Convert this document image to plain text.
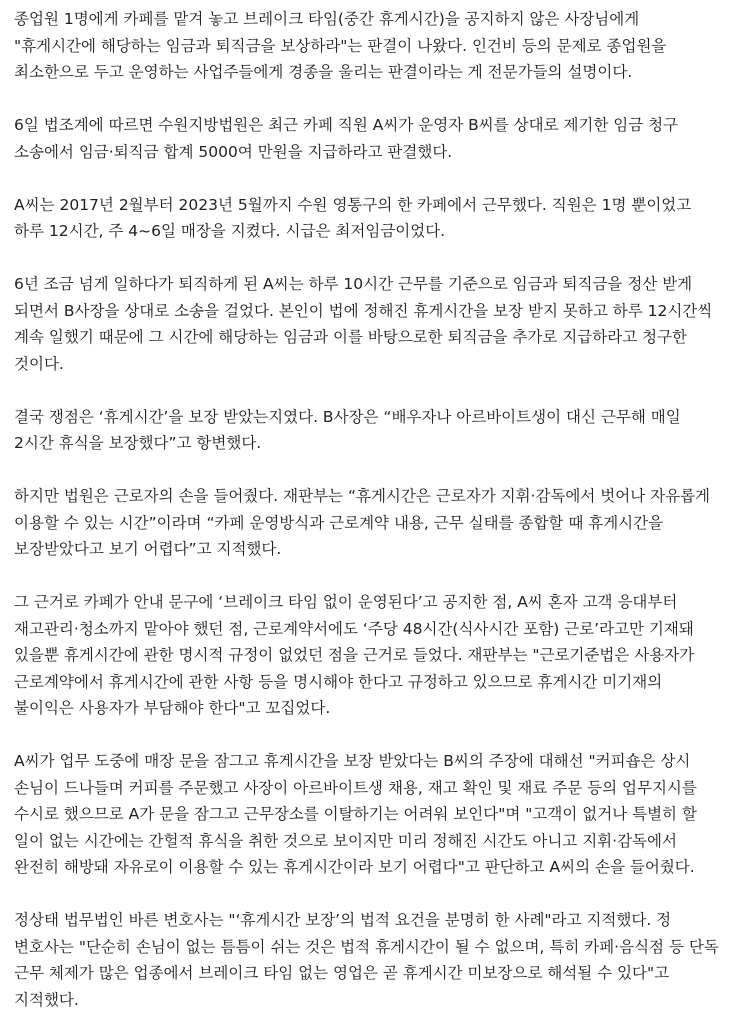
종업원 1명에게 카페를 맡겨 놓고 브레이크 타임(중간 휴게시간)을 공지하지 않은 사장님에게 "휴게시간에 해당하는 임금과 퇴직금을 보상하라"는 판결이 나왔다. 인건비 등의 문제로 종업원을 최소한으로 두고 운영하는 사업주들에게 경종을 울리는 판결이라는 게 전문가들의 설명이다.

6일 법조계에 따르면 수원지방법원은 최근 카페 직원 A씨가 운영자 B씨를 상대로 제기한 임금 청구 소송에서 임금·퇴직금 합계 5000여 만원을 지급하라고 판결했다.

A씨는 2017년 2월부터 2023년 5월까지 수원 영통구의 한 카페에서 근무했다. 직원은 1명 뿐이었고 하루 12시간, 주 4~6일 매장을 지켰다. 시급은 최저임금이었다.

6년 조금 넘게 일하다가 퇴직하게 된 A씨는 하루 10시간 근무를 기준으로 임금과 퇴직금을 정산 받게 되면서 B사장을 상대로 소송을 걸었다. 본인이 법에 정해진 휴게시간을 보장 받지 못하고 하루 12시간씩 계속 일했기 때문에 그 시간에 해당하는 임금과 이를 바탕으로한 퇴직금을 추가로 지급하라고 청구한 것이다.

결국 쟁점은 ‘휴게시간’을 보장 받았는지였다. B사장은 “배우자나 아르바이트생이 대신 근무해 매일 2시간 휴식을 보장했다”고 항변했다.

하지만 법원은 근로자의 손을 들어줬다. 재판부는 “휴게시간은 근로자가 지휘·감독에서 벗어나 자유롭게 이용할 수 있는 시간”이라며 “카페 운영방식과 근로계약 내용, 근무 실태를 종합할 때 휴게시간을 보장받았다고 보기 어렵다”고 지적했다.

그 근거로 카페가 안내 문구에 ‘브레이크 타임 없이 운영된다’고 공지한 점, A씨 혼자 고객 응대부터 재고관리·청소까지 맡아야 했던 점, 근로계약서에도 ‘주당 48시간(식사시간 포함) 근로’라고만 기재돼 있을뿐 휴게시간에 관한 명시적 규정이 없었던 점을 근거로 들었다. 재판부는 "근로기준법은 사용자가 근로계약에서 휴게시간에 관한 사항 등을 명시해야 한다고 규정하고 있으므로 휴게시간 미기재의 불이익은 사용자가 부담해야 한다"고 꼬집었다.

A씨가 업무 도중에 매장 문을 잠그고 휴게시간을 보장 받았다는 B씨의 주장에 대해선 "커피숍은 상시 손님이 드나들며 커피를 주문했고 사장이 아르바이트생 채용, 재고 확인 및 재료 주문 등의 업무지시를 수시로 했으므로 A가 문을 잠그고 근무장소를 이탈하기는 어려워 보인다"며 "고객이 없거나 특별히 할 일이 없는 시간에는 간헐적 휴식을 취한 것으로 보이지만 미리 정해진 시간도 아니고 지휘·감독에서 완전히 해방돼 자유로이 이용할 수 있는 휴게시간이라 보기 어렵다"고 판단하고 A씨의 손을 들어줬다.

정상태 법무법인 바른 변호사는 "‘휴게시간 보장’의 법적 요건을 분명히 한 사례"라고 지적했다. 정 변호사는 "단순히 손님이 없는 틈틈이 쉬는 것은 법적 휴게시간이 될 수 없으며, 특히 카페·음식점 등 단독 근무 체제가 많은 업종에서 브레이크 타임 없는 영업은 곧 휴게시간 미보장으로 해석될 수 있다"고 지적했다.
